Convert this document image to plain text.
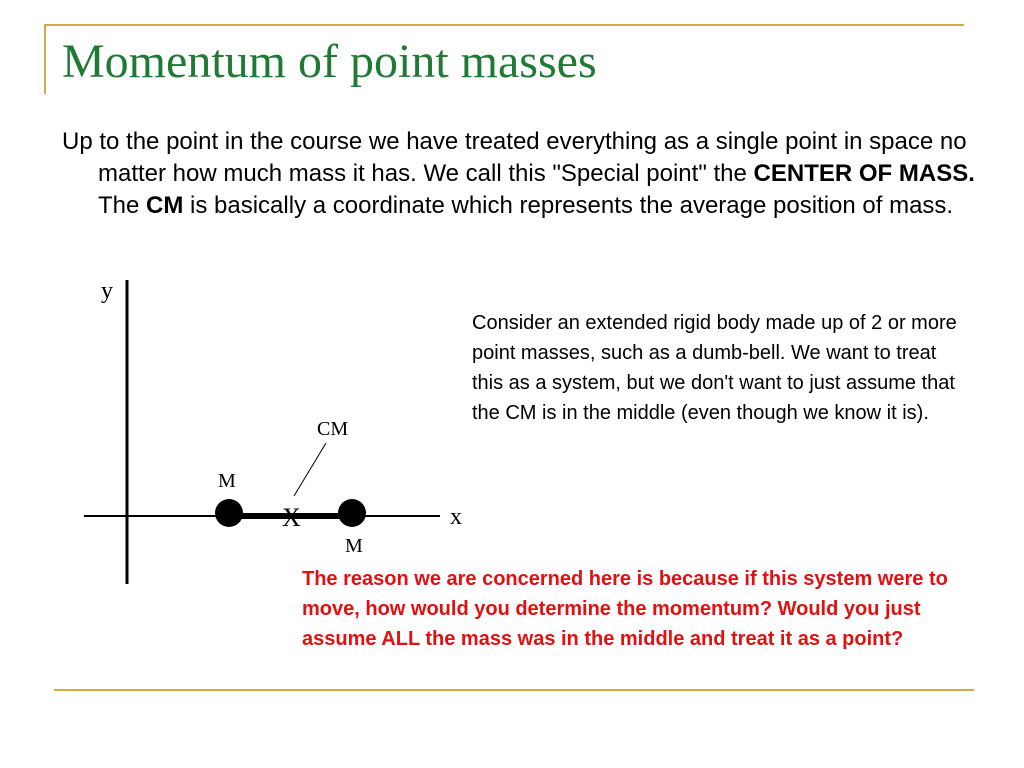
Momentum of point masses

Up to the point in the course we have treated everything as a single point in space no matter how much mass it has. We call this "Special point" the CENTER OF MASS. The CM is basically a coordinate which represents the average position of mass.

y
x
M
M
X
CM

Consider an extended rigid body made up of 2 or more point masses, such as a dumb-bell. We want to treat this as a system, but we don't want to just assume that the CM is in the middle (even though we know it is).

The reason we are concerned here is because if this system were to move, how would you determine the momentum? Would you just assume ALL the mass was in the middle and treat it as a point?
